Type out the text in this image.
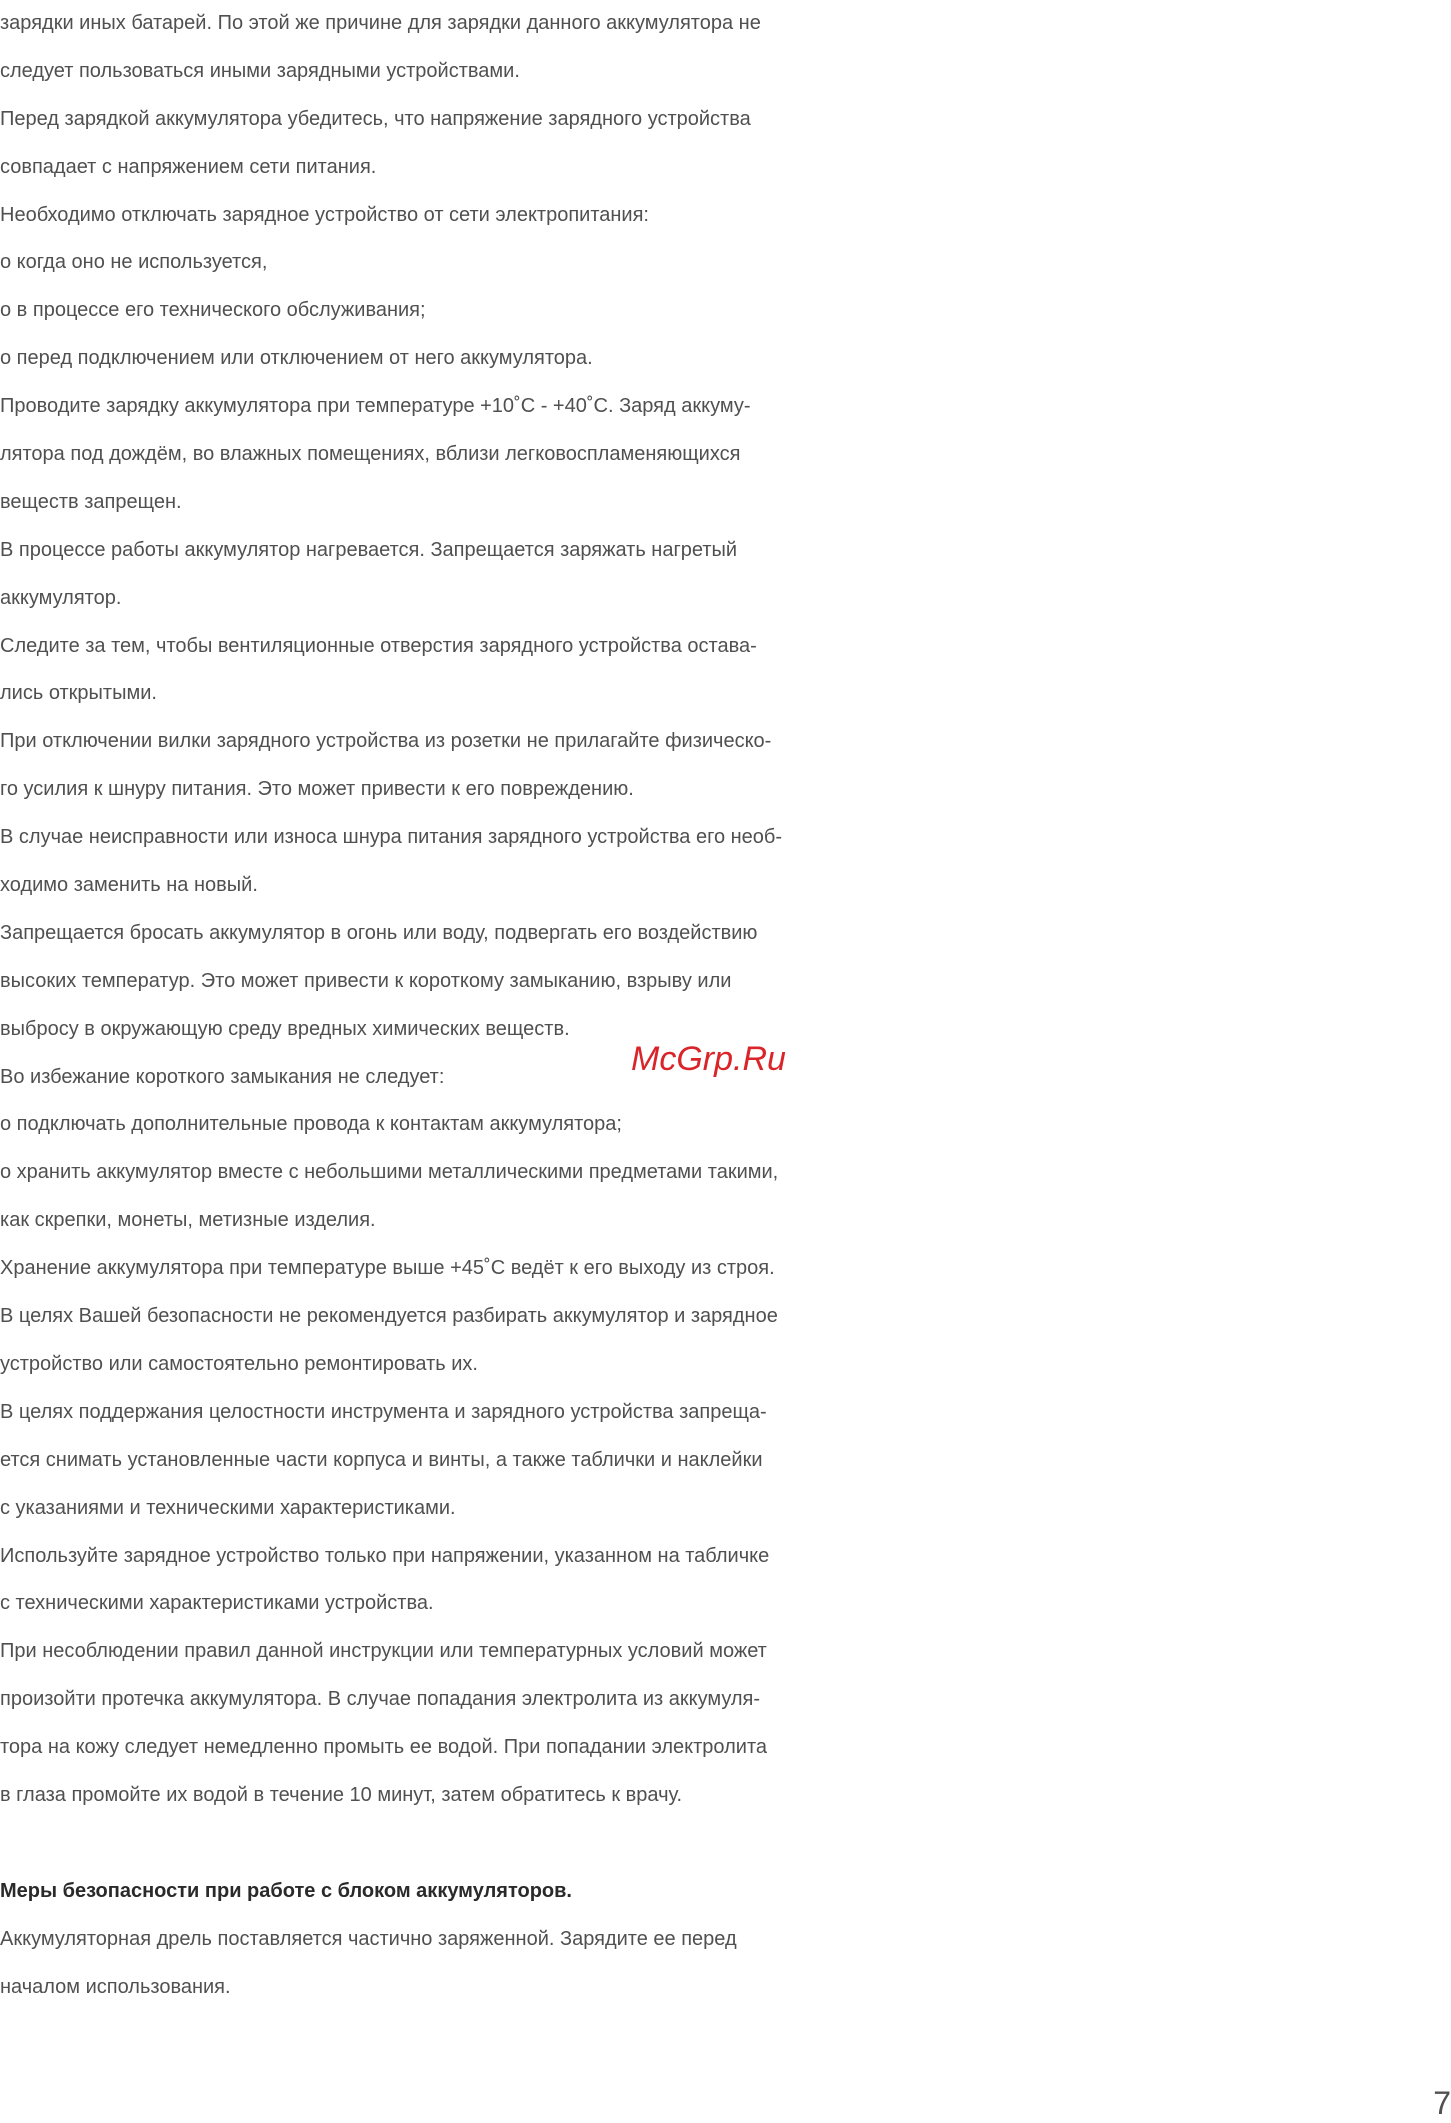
зарядки иных батарей. По этой же причине для зарядки данного аккумулятора не
следует пользоваться иными зарядными устройствами.
Перед зарядкой аккумулятора убедитесь, что напряжение зарядного устройства
совпадает с напряжением сети питания.
Необходимо отключать зарядное устройство от сети электропитания:
о когда оно не используется,
о в процессе его технического обслуживания;
о перед подключением или отключением от него аккумулятора.
Проводите зарядку аккумулятора при температуре +10˚С - +40˚С. Заряд аккуму-
лятора под дождём, во влажных помещениях, вблизи легковоспламеняющихся
веществ запрещен.
В процессе работы аккумулятор нагревается. Запрещается заряжать нагретый
аккумулятор.
Следите за тем, чтобы вентиляционные отверстия зарядного устройства остава-
лись открытыми.
При отключении вилки зарядного устройства из розетки не прилагайте физическо-
го усилия к шнуру питания. Это может привести к его повреждению.
В случае неисправности или износа шнура питания зарядного устройства его необ-
ходимо заменить на новый.
Запрещается бросать аккумулятор в огонь или воду, подвергать его воздействию
высоких температур. Это может привести к короткому замыканию, взрыву или
выбросу в окружающую среду вредных химических веществ.
Во избежание короткого замыкания не следует:
о подключать дополнительные провода к контактам аккумулятора;
о хранить аккумулятор вместе с небольшими металлическими предметами такими,
как скрепки, монеты, метизные изделия.
Хранение аккумулятора при температуре выше +45˚С ведёт к его выходу из строя.
В целях Вашей безопасности не рекомендуется разбирать аккумулятор и зарядное
устройство или самостоятельно ремонтировать их.
В целях поддержания целостности инструмента и зарядного устройства запреща-
ется снимать установленные части корпуса и винты, а также таблички и наклейки
с указаниями и техническими характеристиками.
Используйте зарядное устройство только при напряжении, указанном на табличке
с техническими характеристиками устройства.
При несоблюдении правил данной инструкции или температурных условий может
произойти протечка аккумулятора. В случае попадания электролита из аккумуля-
тора на кожу следует немедленно промыть ее водой. При попадании электролита
в глаза промойте их водой в течение 10 минут, затем обратитесь к врачу.
Меры безопасности при работе с блоком аккумуляторов.
Аккумуляторная дрель поставляется частично заряженной. Зарядите ее перед
началом использования.
McGrp.Ru
7
